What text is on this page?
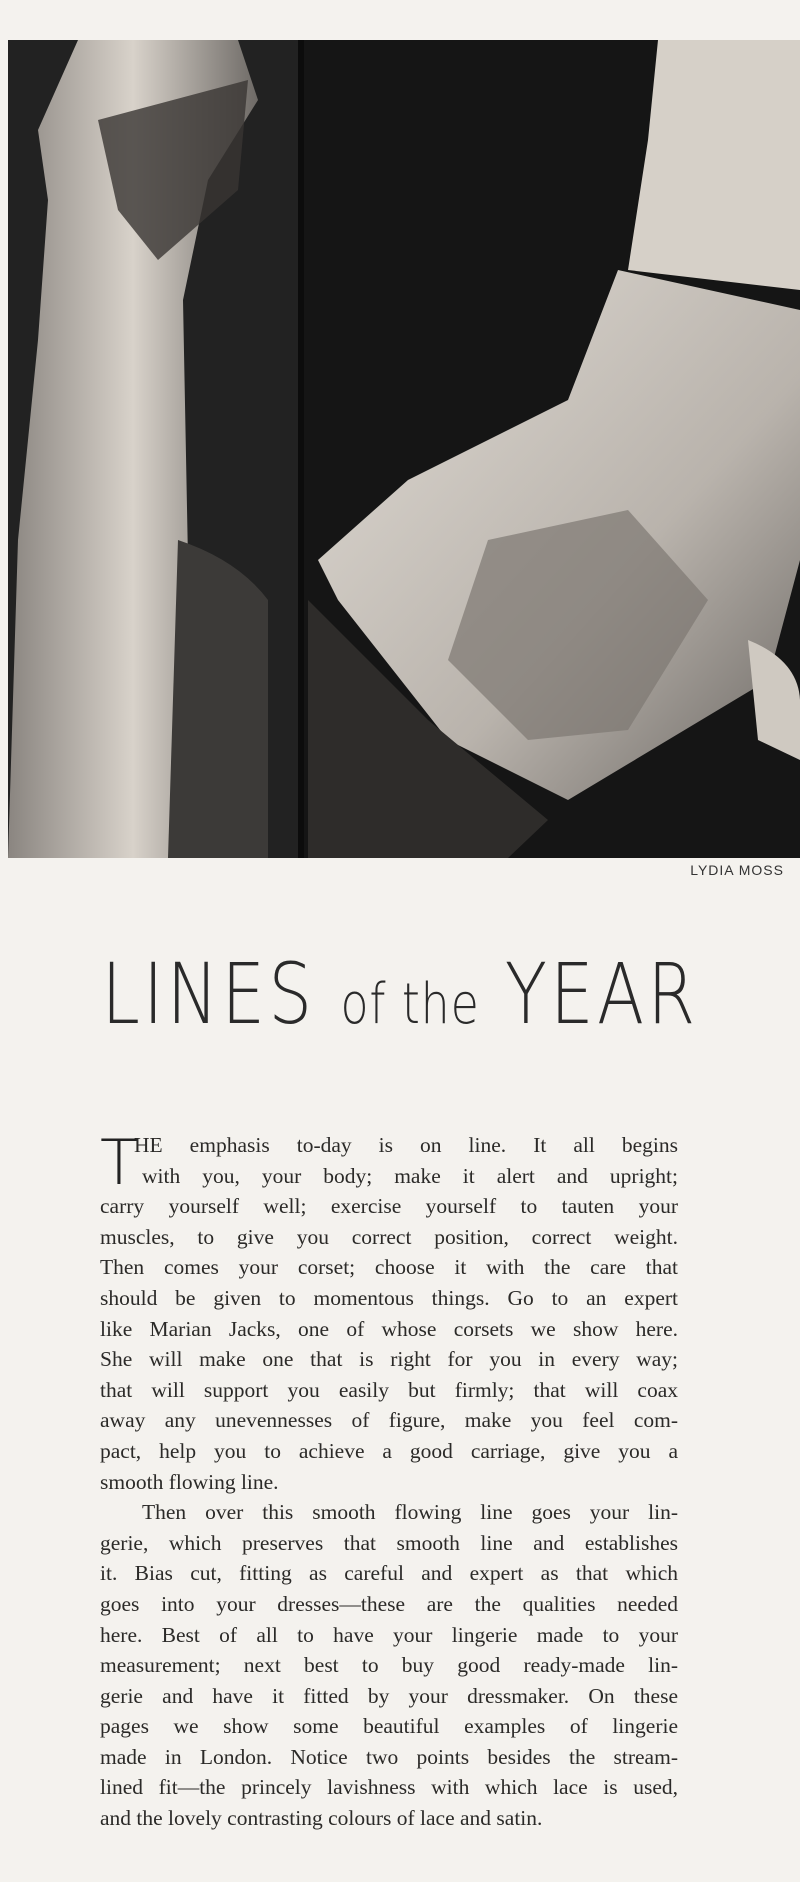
LYDIA MOSS
LINES of the YEAR
T
HE emphasis to-day is on line. It all begins
with you, your body; make it alert and upright;
carry yourself well; exercise yourself to tauten your
muscles, to give you correct position, correct weight.
Then comes your corset; choose it with the care that
should be given to momentous things. Go to an expert
like Marian Jacks, one of whose corsets we show here.
She will make one that is right for you in every way;
that will support you easily but firmly; that will coax
away any unevennesses of figure, make you feel com-
pact, help you to achieve a good carriage, give you a
smooth flowing line.
Then over this smooth flowing line goes your lin-
gerie, which preserves that smooth line and establishes
it. Bias cut, fitting as careful and expert as that which
goes into your dresses—these are the qualities needed
here. Best of all to have your lingerie made to your
measurement; next best to buy good ready-made lin-
gerie and have it fitted by your dressmaker. On these
pages we show some beautiful examples of lingerie
made in London. Notice two points besides the stream-
lined fit—the princely lavishness with which lace is used,
and the lovely contrasting colours of lace and satin.
